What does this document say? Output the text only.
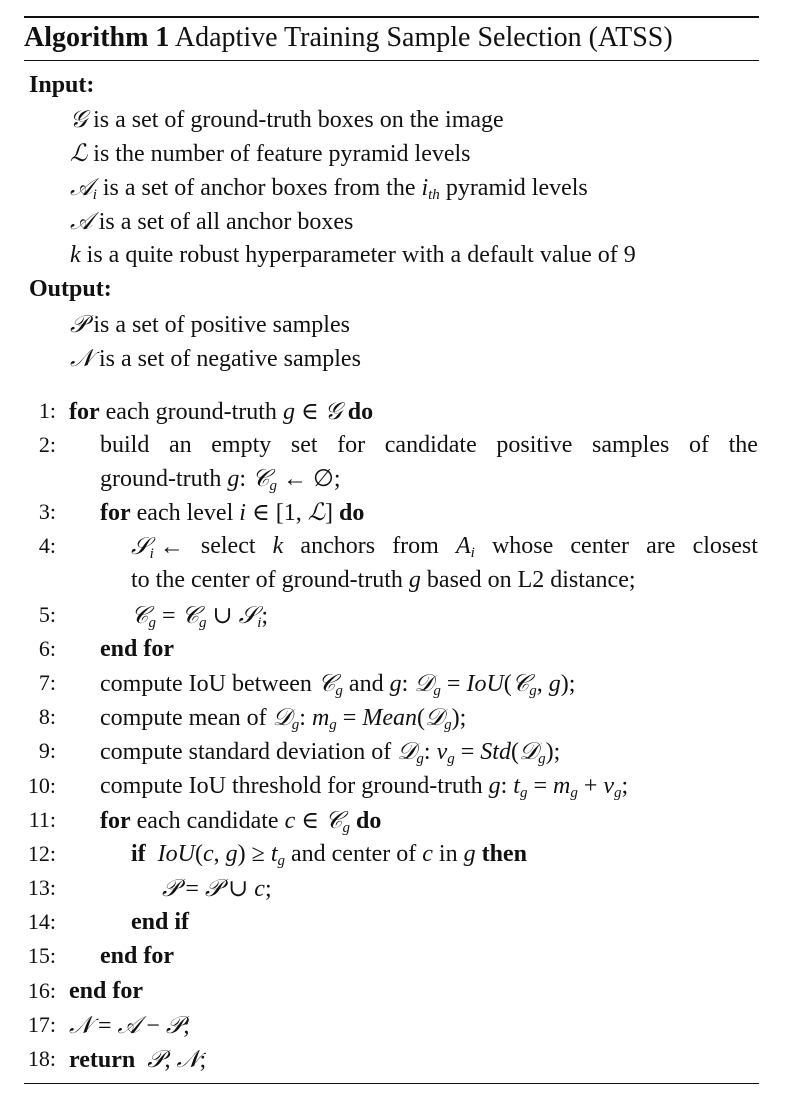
Algorithm 1 Adaptive Training Sample Selection (ATSS)
Input:
𝒢 is a set of ground-truth boxes on the image
ℒ is the number of feature pyramid levels
𝒜$_i$ is a set of anchor boxes from the $i_{th}$ pyramid levels
𝒜 is a set of all anchor boxes
k is a quite robust hyperparameter with a default value of 9
Output:
𝒫 is a set of positive samples
𝒩 is a set of negative samples
1: for each ground-truth g ∈ 𝒢 do
2: build an empty set for candidate positive samples of the
ground-truth g: 𝒞$_g$ ← ∅;
3: for each level i ∈ [1, ℒ] do
4:	𝒮$_i$ ← select k anchors from $A_i$ whose center are closest
to the center of ground-truth g based on L2 distance;
5:	𝒞$_g$ = 𝒞$_g$ ∪ 𝒮$_i$;
6: end for
7: compute IoU between 𝒞$_g$ and g: 𝒟$_g$ = IoU(𝒞$_g$, g);
8: compute mean of 𝒟$_g$: $m_g$ = Mean(𝒟$_g$);
9: compute standard deviation of 𝒟$_g$: $v_g$ = Std(𝒟$_g$);
10: compute IoU threshold for ground-truth g: $t_g = m_g + v_g$;
11: for each candidate c ∈ 𝒞$_g$ do
12:	if IoU(c, $g) \ge t_g$ and center of c in g then
13:	𝒫 = 𝒫 ∪ c;
14:	end if
15: end for
16: end for
17: 𝒩 = 𝒜 − 𝒫;
18: return 𝒫, 𝒩;
